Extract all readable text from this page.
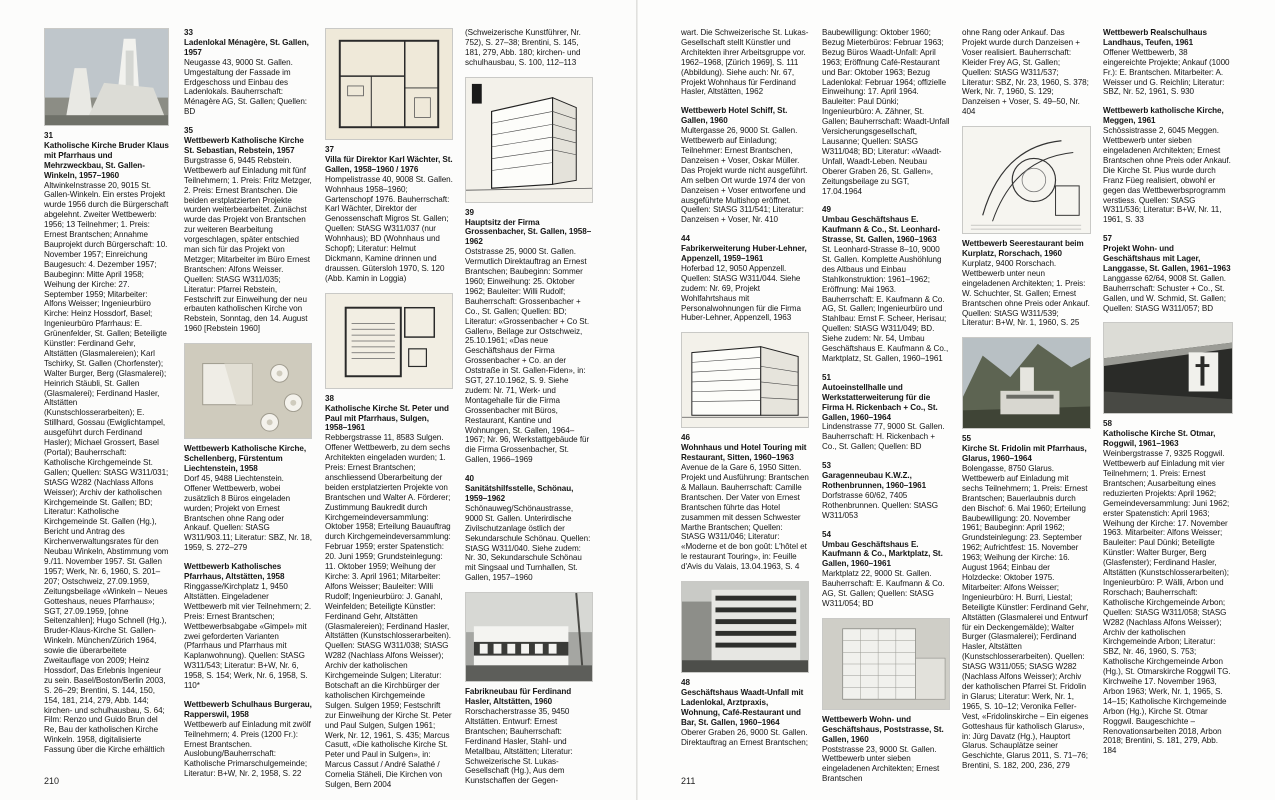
31
Katholische Kirche Bruder Klaus mit Pfarrhaus und Mehrzweckbau, St. Gallen-Winkeln, 1957–1960

Altwinkelnstrasse 20, 9015 St. Gallen-Winkeln. Ein erstes Projekt wurde 1956 durch die Bürgerschaft abgelehnt. Zweiter Wettbewerb: 1956; 13 Teilnehmer; 1. Preis: Ernest Brantschen; Annahme Bauprojekt durch Bürgerschaft: 10. November 1957; Einreichung Baugesuch: 4. Dezember 1957; Baubeginn: Mitte April 1958; Weihung der Kirche: 27. September 1959; Mitarbeiter: Alfons Weisser; Ingenieurbüro Kirche: Heinz Hossdorf, Basel; Ingenieurbüro Pfarrhaus: E. Grünenfelder, St. Gallen; Beteiligte Künstler: Ferdinand Gehr, Altstätten (Glasmalereien); Karl Tschirky, St. Gallen (Chorfenster); Walter Burger, Berg (Glasmalerei); Heinrich Stäubli, St. Gallen (Glasmalerei); Ferdinand Hasler, Altstätten (Kunstschlosserarbeiten); E. Stillhard, Gossau (Ewiglichtampel, ausgeführt durch Ferdinand Hasler); Michael Grossert, Basel (Portal); Bauherrschaft: Katholische Kirchgemeinde St. Gallen; Quellen: StASG W311/031; StASG W282 (Nachlass Alfons Weisser); Archiv der katholischen Kirchgemeinde St. Gallen; BD; Literatur: Katholische Kirchgemeinde St. Gallen (Hg.), Bericht und Antrag des Kirchenverwaltungsrates für den Neubau Winkeln, Abstimmung vom 9./11. November 1957. St. Gallen 1957; Werk, Nr. 6, 1960, S. 201–207; Ostschweiz, 27.09.1959, Zeitungsbeilage «Winkeln – Neues Gotteshaus, neues Pfarrhaus»; SGT, 27.09.1959, [ohne Seitenzahlen]; Hugo Schnell (Hg.), Bruder-Klaus-Kirche St. Gallen-Winkeln. München/Zürich 1964, sowie die überarbeitete Zweitauflage von 2009; Heinz Hossdorf, Das Erlebnis Ingenieur zu sein. Basel/Boston/Berlin 2003, S. 26–29; Brentini, S. 144, 150, 154, 181, 214, 279, Abb. 144; kirchen- und schulhausbau, S. 64; Film: Renzo und Guido Brun del Re, Bau der katholischen Kirche Winkeln. 1958, digitalisierte Fassung über die Kirche erhältlich

33
Ladenlokal Ménagère, St. Gallen, 1957

Neugasse 43, 9000 St. Gallen. Umgestaltung der Fassade im Erdgeschoss und Einbau des Ladenlokals. Bauherrschaft: Ménagère AG, St. Gallen; Quellen: BD

35
Wettbewerb Katholische Kirche St. Sebastian, Rebstein, 1957

Burgstrasse 6, 9445 Rebstein. Wettbewerb auf Einladung mit fünf Teilnehmern; 1. Preis: Fritz Metzger, 2. Preis: Ernest Brantschen. Die beiden erstplatzierten Projekte wurden weiterbearbeitet. Zunächst wurde das Projekt von Brantschen zur weiteren Bearbeitung vorgeschlagen, später entschied man sich für das Projekt von Metzger; Mitarbeiter im Büro Ernest Brantschen: Alfons Weisser. Quellen: StASG W311/035; Literatur: Pfarrei Rebstein, Festschrift zur Einweihung der neu erbauten katholischen Kirche von Rebstein, Sonntag, den 14. August 1960 [Rebstein 1960]

Wettbewerb Katholische Kirche, Schellenberg, Fürstentum Liechtenstein, 1958

Dorf 45, 9488 Liechtenstein. Offener Wettbewerb, wobei zusätzlich 8 Büros eingeladen wurden; Projekt von Ernest Brantschen ohne Rang oder Ankauf. Quellen: StASG W311/903.11; Literatur: SBZ, Nr. 18, 1959, S. 272–279

Wettbewerb Katholisches Pfarrhaus, Altstätten, 1958

Ringgasse/Kirchplatz 1, 9450 Altstätten. Eingeladener Wettbewerb mit vier Teilnehmern; 2. Preis: Ernest Brantschen; Wettbewerbsabgabe «Gimpel» mit zwei geforderten Varianten (Pfarrhaus und Pfarrhaus mit Kaplanwohnung). Quellen: StASG W311/543; Literatur: B+W, Nr. 6, 1958, S. 154; Werk, Nr. 6, 1958, S. 110*

Wettbewerb Schulhaus Burgerau, Rapperswil, 1958

Wettbewerb auf Einladung mit zwölf Teilnehmern; 4. Preis (1200 Fr.): Ernest Brantschen. Auslobung/Bauherrschaft: Katholische Primarschulgemeinde; Literatur: B+W, Nr. 2, 1958, S. 22

37
Villa für Direktor Karl Wächter, St. Gallen, 1958–1960 / 1976

Hompelistrasse 40, 9008 St. Gallen. Wohnhaus 1958–1960; Gartenschopf 1976. Bauherrschaft: Karl Wächter, Direktor der Genossenschaft Migros St. Gallen; Quellen: StASG W311/037 (nur Wohnhaus); BD (Wohnhaus und Schopf); Literatur: Helmut Dickmann, Kamine drinnen und draussen. Gütersloh 1970, S. 120 (Abb. Kamin in Loggia)

38
Katholische Kirche St. Peter und Paul mit Pfarrhaus, Sulgen, 1958–1961

Rebbergstrasse 11, 8583 Sulgen. Offener Wettbewerb, zu dem sechs Architekten eingeladen wurden; 1. Preis: Ernest Brantschen; anschliessend Überarbeitung der beiden erstplatzierten Projekte von Brantschen und Walter A. Förderer; Zustimmung Baukredit durch Kirchgemeindeversammlung: Oktober 1958; Erteilung Bauauftrag durch Kirchgemeindeversammlung: Februar 1959; erster Spatenstich: 20. Juni 1959; Grundsteinlegung: 11. Oktober 1959; Weihung der Kirche: 3. April 1961; Mitarbeiter: Alfons Weisser; Bauleiter: Willi Rudolf; Ingenieurbüro: J. Ganahl, Weinfelden; Beteiligte Künstler: Ferdinand Gehr, Altstätten (Glasmalereien); Ferdinand Hasler, Altstätten (Kunstschlosserarbeiten). Quellen: StASG W311/038; StASG W282 (Nachlass Alfons Weisser); Archiv der katholischen Kirchgemeinde Sulgen; Literatur: Botschaft an die Kirchbürger der katholischen Kirchgemeinde Sulgen. Sulgen 1959; Festschrift zur Einweihung der Kirche St. Peter und Paul Sulgen, Sulgen 1961; Werk, Nr. 12, 1961, S. 435; Marcus Casutt, «Die katholische Kirche St. Peter und Paul in Sulgen», in: Marcus Cassut / André Salathé / Cornelia Stäheli, Die Kirchen von Sulgen, Bern 2004

(Schweizerische Kunstführer, Nr. 752), S. 27–38; Brentini, S. 145, 181, 279, Abb. 180; kirchen- und schulhausbau, S. 100, 112–113

39
Hauptsitz der Firma Grossenbacher, St. Gallen, 1958–1962

Oststrasse 25, 9000 St. Gallen. Vermutlich Direktauftrag an Ernest Brantschen; Baubeginn: Sommer 1960; Einweihung: 25. Oktober 1962; Bauleiter: Willi Rudolf; Bauherrschaft: Grossenbacher + Co., St. Gallen; Quellen: BD; Literatur: «Grossenbacher + Co St. Gallen», Beilage zur Ostschweiz, 25.10.1961; «Das neue Geschäftshaus der Firma Grossenbacher + Co. an der Oststraße in St. Gallen-Fiden», in: SGT, 27.10.1962, S. 9. Siehe zudem: Nr. 71, Werk- und Montagehalle für die Firma Grossenbacher mit Büros, Restaurant, Kantine und Wohnungen, St. Gallen, 1964–1967; Nr. 96, Werkstattgebäude für die Firma Grossenbacher, St. Gallen, 1966–1969

40
Sanitätshilfsstelle, Schönau, 1959–1962

Schönauweg/Schönaustrasse, 9000 St. Gallen. Unterirdische Zivilschutzanlage östlich der Sekundarschule Schönau. Quellen: StASG W311/040. Siehe zudem: Nr. 30, Sekundarschule Schönau mit Singsaal und Turnhallen, St. Gallen, 1957–1960

Fabrikneubau für Ferdinand Hasler, Altstätten, 1960

Rorschacherstrasse 35, 9450 Altstätten. Entwurf: Ernest Brantschen; Bauherrschaft: Ferdinand Hasler, Stahl- und Metallbau, Altstätten; Literatur: Schweizerische St. Lukas-Gesellschaft (Hg.), Aus dem Kunstschaffen der Gegen-

210

wart. Die Schweizerische St. Lukas-Gesellschaft stellt Künstler und Architekten ihrer Arbeitsgruppe vor. 1962–1968, [Zürich 1969], S. 111 (Abbildung). Siehe auch: Nr. 67, Projekt Wohnhaus für Ferdinand Hasler, Altstätten, 1962

Wettbewerb Hotel Schiff, St. Gallen, 1960

Multergasse 26, 9000 St. Gallen. Wettbewerb auf Einladung; Teilnehmer: Ernest Brantschen, Danzeisen + Voser, Oskar Müller. Das Projekt wurde nicht ausgeführt. Am selben Ort wurde 1974 der von Danzeisen + Voser entworfene und ausgeführte Multishop eröffnet. Quellen: StASG 311/541; Literatur: Danzeisen + Voser, Nr. 410

44
Fabrikerweiterung Huber-Lehner, Appenzell, 1959–1961

Hoferbad 12, 9050 Appenzell. Quellen: StASG W311/044. Siehe zudem: Nr. 69, Projekt Wohlfahrtshaus mit Personalwohnungen für die Firma Huber-Lehner, Appenzell, 1963

46
Wohnhaus und Hotel Touring mit Restaurant, Sitten, 1960–1963

Avenue de la Gare 6, 1950 Sitten. Projekt und Ausführung: Brantschen & Mallaun. Bauherrschaft: Camille Brantschen. Der Vater von Ernest Brantschen führte das Hotel zusammen mit dessen Schwester Marthe Brantschen; Quellen: StASG W311/046; Literatur: «Moderne et de bon goût: L'hôtel et le restaurant Touring», in: Feuille d'Avis du Valais, 13.04.1963, S. 4

48
Geschäftshaus Waadt-Unfall mit Ladenlokal, Arztpraxis, Wohnung, Café-Restaurant und Bar, St. Gallen, 1960–1964

Oberer Graben 26, 9000 St. Gallen. Direktauftrag an Ernest Brantschen;

Baubewilligung: Oktober 1960; Bezug Mieterbüros: Februar 1963; Bezug Büros Waadt-Unfall: April 1963; Eröffnung Café-Restaurant und Bar: Oktober 1963; Bezug Ladenlokal: Februar 1964; offizielle Einweihung: 17. April 1964. Bauleiter: Paul Dünki; Ingenieurbüro: A. Zähner, St. Gallen; Bauherrschaft: Waadt-Unfall Versicherungsgesellschaft, Lausanne; Quellen: StASG W311/048; BD; Literatur: «Waadt-Unfall, Waadt-Leben. Neubau Oberer Graben 26, St. Gallen», Zeitungsbeilage zu SGT, 17.04.1964

49
Umbau Geschäftshaus E. Kaufmann & Co., St. Leonhard-Strasse, St. Gallen, 1960–1963

St. Leonhard-Strasse 8–10, 9000 St. Gallen. Komplette Aushöhlung des Altbaus und Einbau Stahlkonstruktion: 1961–1962; Eröffnung: Mai 1963. Bauherrschaft: E. Kaufmann & Co. AG, St. Gallen; Ingenieurbüro und Stahlbau: Ernst F. Scheer, Herisau; Quellen: StASG W311/049; BD. Siehe zudem: Nr. 54, Umbau Geschäftshaus E. Kaufmann & Co., Marktplatz, St. Gallen, 1960–1961

51
Autoeinstellhalle und Werkstatterweiterung für die Firma H. Rickenbach + Co., St. Gallen, 1960–1964

Lindenstrasse 77, 9000 St. Gallen. Bauherrschaft: H. Rickenbach + Co., St. Gallen; Quellen: BD

53
Garagenneubau K.W.Z., Rothenbrunnen, 1960–1961

Dorfstrasse 60/62, 7405 Rothenbrunnen. Quellen: StASG W311/053

54
Umbau Geschäftshaus E. Kaufmann & Co., Marktplatz, St. Gallen, 1960–1961

Marktplatz 22, 9000 St. Gallen. Bauherrschaft: E. Kaufmann & Co. AG, St. Gallen; Quellen: StASG W311/054; BD

Wettbewerb Wohn- und Geschäftshaus, Poststrasse, St. Gallen, 1960

Poststrasse 23, 9000 St. Gallen. Wettbewerb unter sieben eingeladenen Architekten; Ernest Brantschen

ohne Rang oder Ankauf. Das Projekt wurde durch Danzeisen + Voser realisiert. Bauherrschaft: Kleider Frey AG, St. Gallen; Quellen: StASG W311/537; Literatur: SBZ, Nr. 23, 1960, S. 378; Werk, Nr. 7, 1960, S. 129; Danzeisen + Voser, S. 49–50, Nr. 404

Wettbewerb Seerestaurant beim Kurplatz, Rorschach, 1960

Kurplatz, 9400 Rorschach. Wettbewerb unter neun eingeladenen Architekten; 1. Preis: W. Schuchter, St. Gallen; Ernest Brantschen ohne Preis oder Ankauf. Quellen: StASG W311/539; Literatur: B+W, Nr. 1, 1960, S. 25

55
Kirche St. Fridolin mit Pfarrhaus, Glarus, 1960–1964

Bolengasse, 8750 Glarus. Wettbewerb auf Einladung mit sechs Teilnehmern; 1. Preis: Ernest Brantschen; Bauerlaubnis durch den Bischof: 6. Mai 1960; Erteilung Baubewilligung: 20. November 1961; Baubeginn: April 1962; Grundsteinlegung: 23. September 1962; Aufrichtfest: 15. November 1963; Weihung der Kirche: 16. August 1964; Einbau der Holzdecke: Oktober 1975. Mitarbeiter: Alfons Weisser; Ingenieurbüro: H. Burri, Liestal; Beteiligte Künstler: Ferdinand Gehr, Altstätten (Glasmalerei und Entwurf für ein Deckengemälde); Walter Burger (Glasmalerei); Ferdinand Hasler, Altstätten (Kunstschlosserarbeiten). Quellen: StASG W311/055; StASG W282 (Nachlass Alfons Weisser); Archiv der katholischen Pfarrei St. Fridolin in Glarus; Literatur: Werk, Nr. 1, 1965, S. 10–12; Veronika Feller-Vest, «Fridolinskirche – Ein eigenes Gotteshaus für katholisch Glarus», in: Jürg Davatz (Hg.), Hauptort Glarus. Schauplätze seiner Geschichte, Glarus 2011, S. 71–76; Brentini, S. 182, 200, 236, 279

Wettbewerb Realschulhaus Landhaus, Teufen, 1961

Offener Wettbewerb, 38 eingereichte Projekte; Ankauf (1000 Fr.): E. Brantschen. Mitarbeiter: A. Weisser und G. Reichlin; Literatur: SBZ, Nr. 52, 1961, S. 930

Wettbewerb katholische Kirche, Meggen, 1961

Schössistrasse 2, 6045 Meggen. Wettbewerb unter sieben eingeladenen Architekten; Ernest Brantschen ohne Preis oder Ankauf. Die Kirche St. Pius wurde durch Franz Füeg realisiert, obwohl er gegen das Wettbewerbsprogramm verstiess. Quellen: StASG W311/536; Literatur: B+W, Nr. 11, 1961, S. 33

57
Projekt Wohn- und Geschäftshaus mit Lager, Langgasse, St. Gallen, 1961–1963

Langgasse 62/64, 9008 St. Gallen. Bauherrschaft: Schuster + Co., St. Gallen, und W. Schmid, St. Gallen; Quellen: StASG W311/057; BD

58
Katholische Kirche St. Otmar, Roggwil, 1961–1963

Weinbergstrasse 7, 9325 Roggwil. Wettbewerb auf Einladung mit vier Teilnehmern; 1. Preis: Ernest Brantschen; Ausarbeitung eines reduzierten Projekts: April 1962; Gemeindeversammlung: Juni 1962; erster Spatenstich: April 1963; Weihung der Kirche: 17. November 1963. Mitarbeiter: Alfons Weisser; Bauleiter: Paul Dünki; Beteiligte Künstler: Walter Burger, Berg (Glasfenster); Ferdinand Hasler, Altstätten (Kunstschlosserarbeiten); Ingenieurbüro: P. Wälli, Arbon und Rorschach; Bauherrschaft: Katholische Kirchgemeinde Arbon; Quellen: StASG W311/058; StASG W282 (Nachlass Alfons Weisser); Archiv der katholischen Kirchgemeinde Arbon; Literatur: SBZ, Nr. 46, 1960, S. 753; Katholische Kirchgemeinde Arbon (Hg.), St. Otmarskirche Roggwil TG. Kirchweihe 17. November 1963, Arbon 1963; Werk, Nr. 1, 1965, S. 14–15; Katholische Kirchgemeinde Arbon (Hg.), Kirche St. Otmar Roggwil. Baugeschichte – Renovationsarbeiten 2018, Arbon 2018; Brentini, S. 181, 279, Abb. 184

211
